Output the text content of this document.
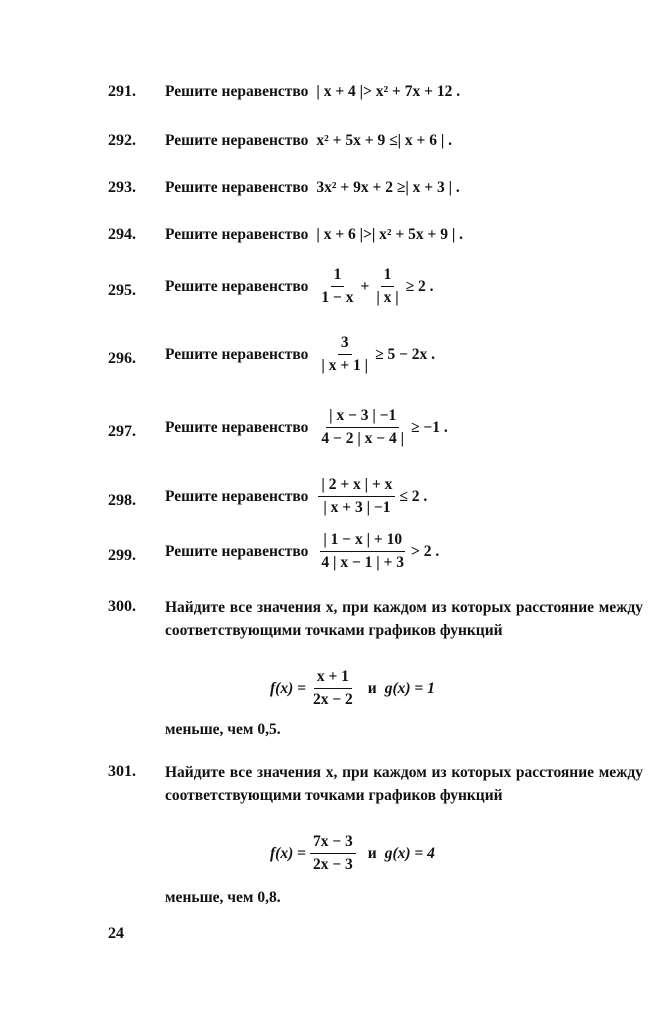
291. Решите неравенство | x + 4 |> x² + 7x + 12 .
292. Решите неравенство x² + 5x + 9 ≤| x + 6 | .
293. Решите неравенство 3x² + 9x + 2 ≥| x + 3 | .
294. Решите неравенство | x + 6 |>| x² + 5x + 9 | .
295. Решите неравенство $\frac{1}{1 - x} + \frac{1}{| x |} \ge 2$ .
296. Решите неравенство $\frac{3}{| x + 1 |} \ge 5 - 2x$ .
297. Решите неравенство $\frac{| x - 3 | -1}{4 - 2 | x - 4 |} \ge -1$ .
298. Решите неравенство $\frac{| 2 + x | + x}{| x + 3 | -1} \le 2$ .
299. Решите неравенство $\frac{| 1 - x | + 10}{4 | x - 1 | + 3} > 2$ .
300. Найдите все значения x, при каждом из которых расстояние между соответствующими точками графиков функций
$f(x) = \frac{x + 1}{2x - 2}$ и g(x) = 1
меньше, чем 0,5.
301. Найдите все значения x, при каждом из которых расстояние между соответствующими точками графиков функций
$f(x) = \frac{7x - 3}{2x - 3}$ и g(x) = 4
меньше, чем 0,8.
24
